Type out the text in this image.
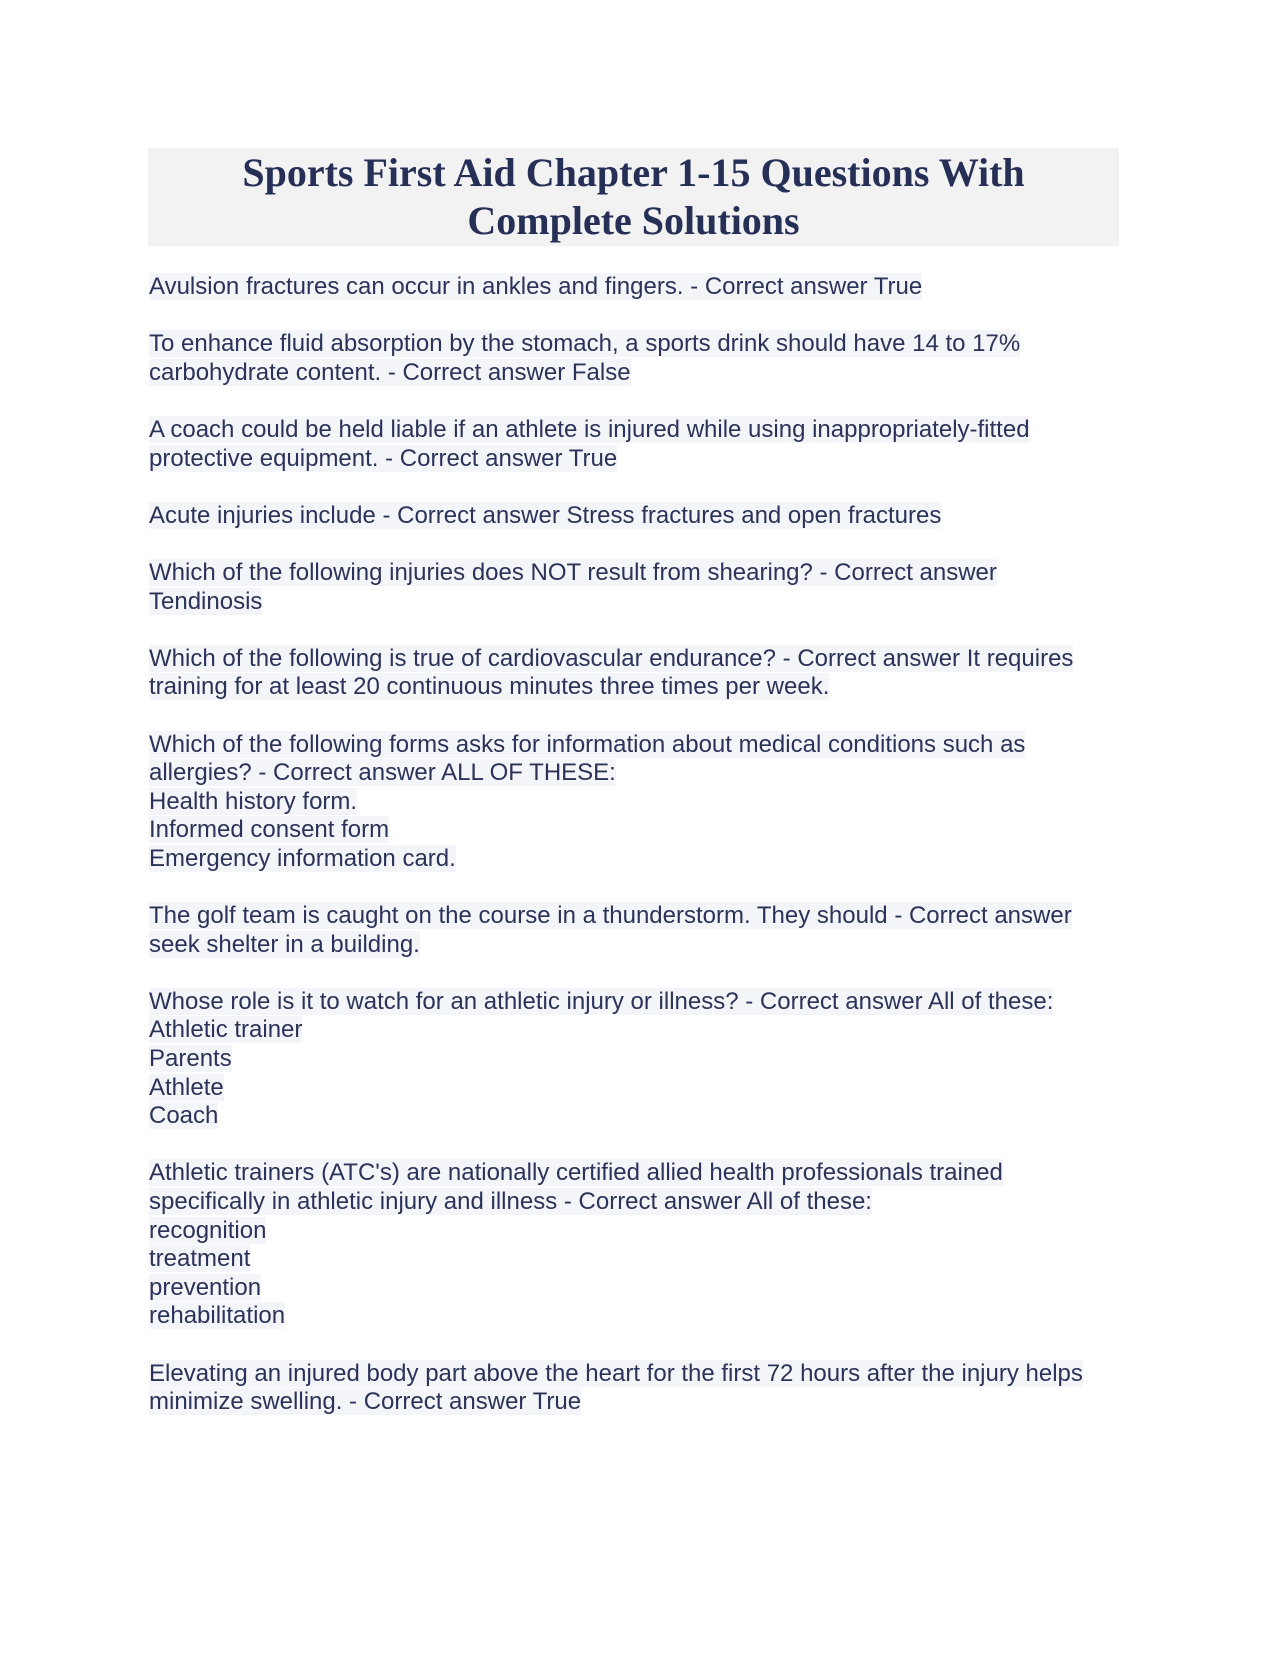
Sports First Aid Chapter 1-15 Questions With
Complete Solutions
Avulsion fractures can occur in ankles and fingers. - Correct answer True
To enhance fluid absorption by the stomach, a sports drink should have 14 to 17%
carbohydrate content. - Correct answer False
A coach could be held liable if an athlete is injured while using inappropriately-fitted
protective equipment. - Correct answer True
Acute injuries include - Correct answer Stress fractures and open fractures
Which of the following injuries does NOT result from shearing? - Correct answer
Tendinosis
Which of the following is true of cardiovascular endurance? - Correct answer It requires
training for at least 20 continuous minutes three times per week.
Which of the following forms asks for information about medical conditions such as
allergies? - Correct answer ALL OF THESE:
Health history form.
Informed consent form
Emergency information card.
The golf team is caught on the course in a thunderstorm. They should - Correct answer
seek shelter in a building.
Whose role is it to watch for an athletic injury or illness? - Correct answer All of these:
Athletic trainer
Parents
Athlete
Coach
Athletic trainers (ATC's) are nationally certified allied health professionals trained
specifically in athletic injury and illness - Correct answer All of these:
recognition
treatment
prevention
rehabilitation
Elevating an injured body part above the heart for the first 72 hours after the injury helps
minimize swelling. - Correct answer True
